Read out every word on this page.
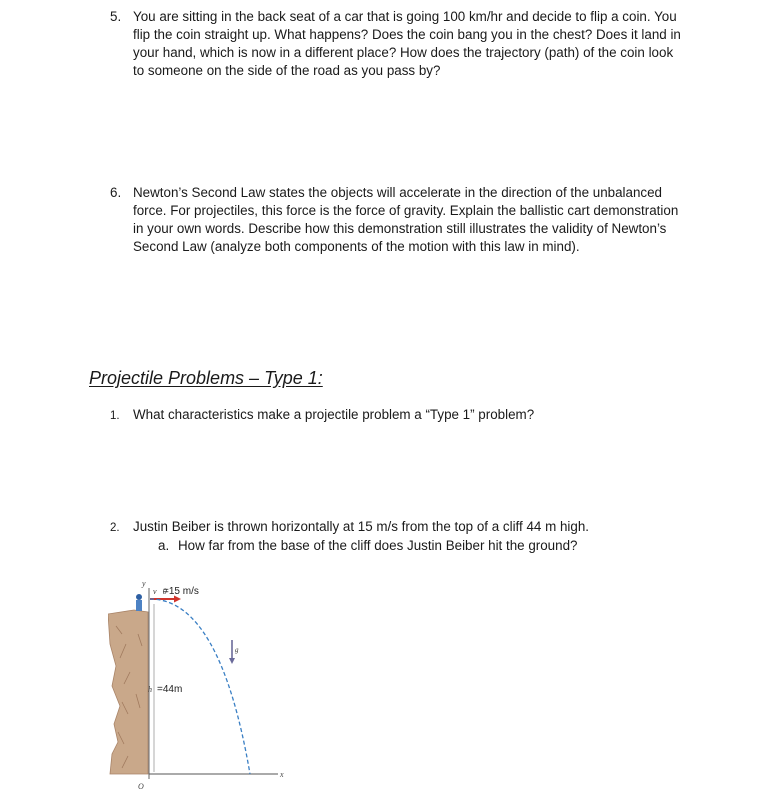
5. You are sitting in the back seat of a car that is going 100 km/hr and decide to flip a coin. You flip the coin straight up. What happens? Does the coin bang you in the chest? Does it land in your hand, which is now in a different place? How does the trajectory (path) of the coin look to someone on the side of the road as you pass by?
6. Newton’s Second Law states the objects will accelerate in the direction of the unbalanced force. For projectiles, this force is the force of gravity. Explain the ballistic cart demonstration in your own words. Describe how this demonstration still illustrates the validity of Newton’s Second Law (analyze both components of the motion with this law in mind).
Projectile Problems – Type 1:
1. What characteristics make a projectile problem a “Type 1” problem?
2. Justin Beiber is thrown horizontally at 15 m/s from the top of a cliff 44 m high.
a. How far from the base of the cliff does Justin Beiber hit the ground?
y
x
O
v⃗0
=15 m/s
g⃗
h =44m
